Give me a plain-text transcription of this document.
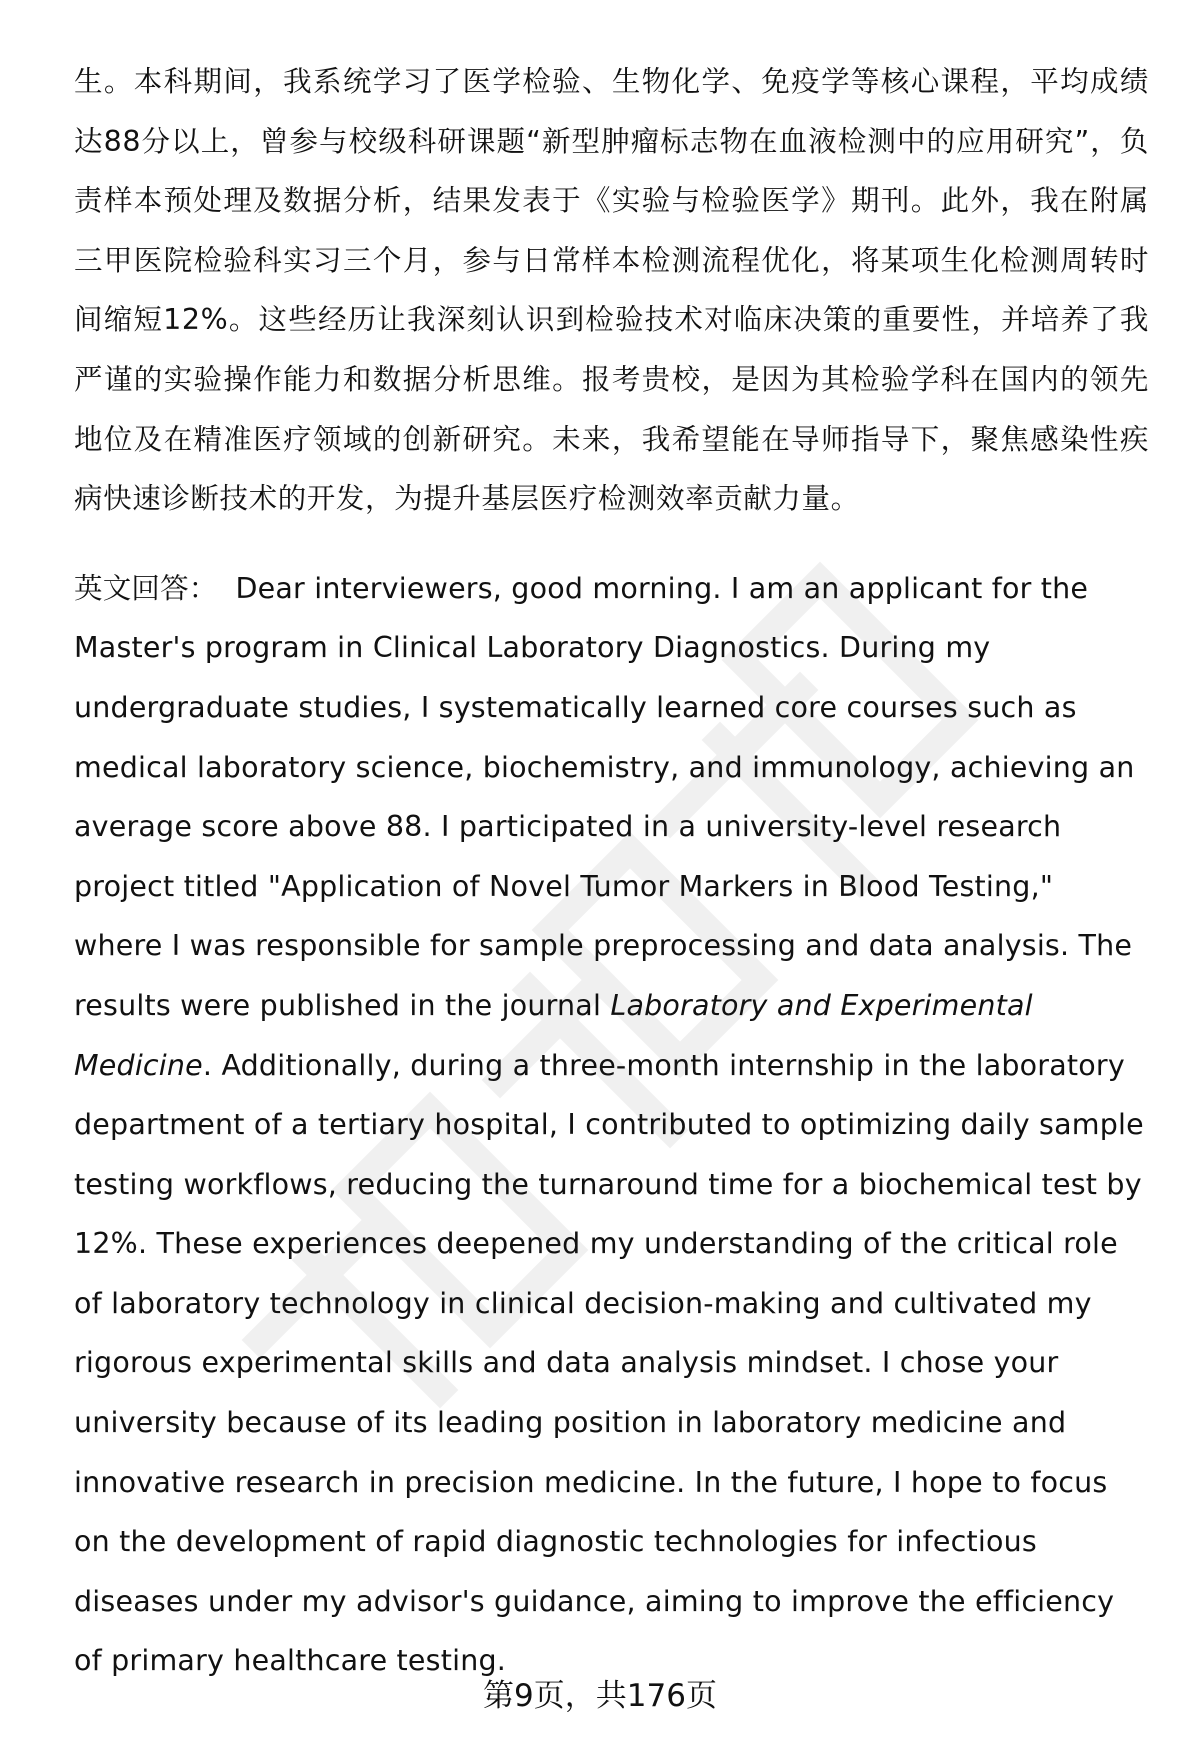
生。本科期间，我系统学习了医学检验、生物化学、免疫学等核心课程，平均成绩达88分以上，曾参与校级科研课题“新型肿瘤标志物在血液检测中的应用研究”，负责样本预处理及数据分析，结果发表于《实验与检验医学》期刊。此外，我在附属三甲医院检验科实习三个月，参与日常样本检测流程优化，将某项生化检测周转时间缩短12%。这些经历让我深刻认识到检验技术对临床决策的重要性，并培养了我严谨的实验操作能力和数据分析思维。报考贵校，是因为其检验学科在国内的领先地位及在精准医疗领域的创新研究。未来，我希望能在导师指导下，聚焦感染性疾病快速诊断技术的开发，为提升基层医疗检测效率贡献力量。

英文回答： Dear interviewers, good morning. I am an applicant for the Master's program in Clinical Laboratory Diagnostics. During my undergraduate studies, I systematically learned core courses such as medical laboratory science, biochemistry, and immunology, achieving an average score above 88. I participated in a university-level research project titled "Application of Novel Tumor Markers in Blood Testing," where I was responsible for sample preprocessing and data analysis. The results were published in the journal Laboratory and Experimental Medicine. Additionally, during a three-month internship in the laboratory department of a tertiary hospital, I contributed to optimizing daily sample testing workflows, reducing the turnaround time for a biochemical test by 12%. These experiences deepened my understanding of the critical role of laboratory technology in clinical decision-making and cultivated my rigorous experimental skills and data analysis mindset. I chose your university because of its leading position in laboratory medicine and innovative research in precision medicine. In the future, I hope to focus on the development of rapid diagnostic technologies for infectious diseases under my advisor's guidance, aiming to improve the efficiency of primary healthcare testing.

第9页，共176页
